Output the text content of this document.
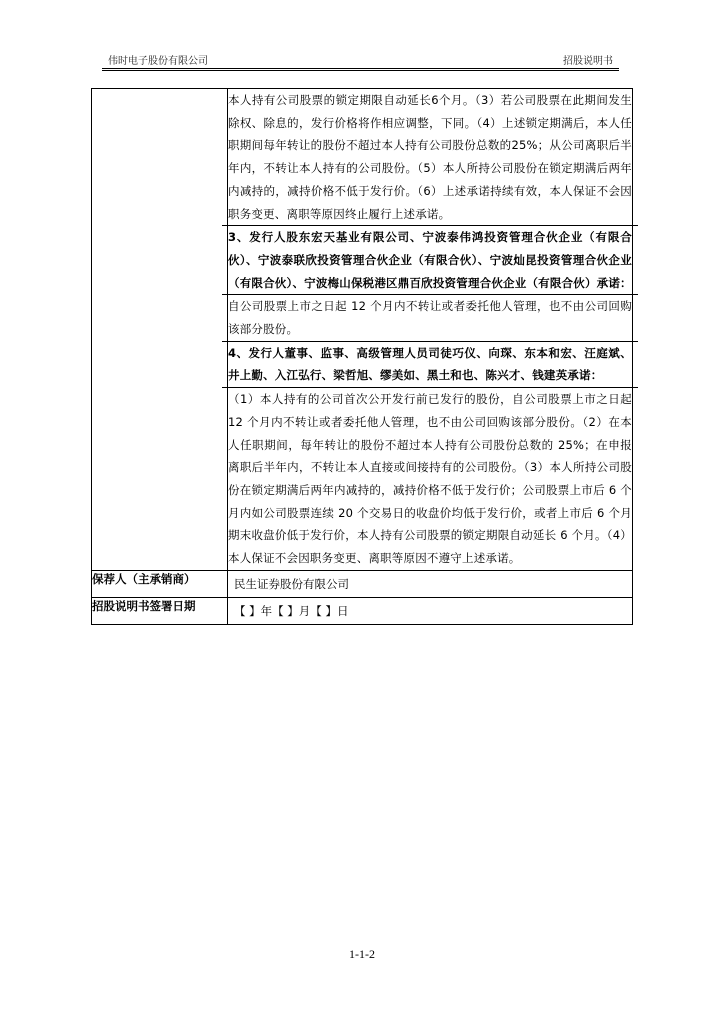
伟时电子股份有限公司	招股说明书

	本人持有公司股票的锁定期限自动延长6个月。（3）若公司股票在此期间发生除权、除息的，发行价格将作相应调整，下同。（4）上述锁定期满后，本人任职期间每年转让的股份不超过本人持有公司股份总数的25%；从公司离职后半年内，不转让本人持有的公司股份。（5）本人所持公司股份在锁定期满后两年内减持的，减持价格不低于发行价。（6）上述承诺持续有效，本人保证不会因职务变更、离职等原因终止履行上述承诺。

3、发行人股东宏天基业有限公司、宁波泰伟鸿投资管理合伙企业（有限合伙）、宁波泰联欣投资管理合伙企业（有限合伙）、宁波灿昆投资管理合伙企业（有限合伙）、宁波梅山保税港区鼎百欣投资管理合伙企业（有限合伙）承诺：

自公司股票上市之日起 12 个月内不转让或者委托他人管理，也不由公司回购该部分股份。

4、发行人董事、监事、高级管理人员司徒巧仪、向琛、东本和宏、汪庭斌、井上勤、入江弘行、梁哲旭、缪美如、黑土和也、陈兴才、钱建英承诺：

（1）本人持有的公司首次公开发行前已发行的股份，自公司股票上市之日起 12 个月内不转让或者委托他人管理，也不由公司回购该部分股份。（2）在本人任职期间，每年转让的股份不超过本人持有公司股份总数的 25%；在申报离职后半年内，不转让本人直接或间接持有的公司股份。（3）本人所持公司股份在锁定期满后两年内减持的，减持价格不低于发行价；公司股票上市后 6 个月内如公司股票连续 20 个交易日的收盘价均低于发行价，或者上市后 6 个月期末收盘价低于发行价，本人持有公司股票的锁定期限自动延长 6 个月。（4）本人保证不会因职务变更、离职等原因不遵守上述承诺。

保荐人（主承销商）	民生证券股份有限公司
招股说明书签署日期	【 】年【 】月【 】日
1-1-2
